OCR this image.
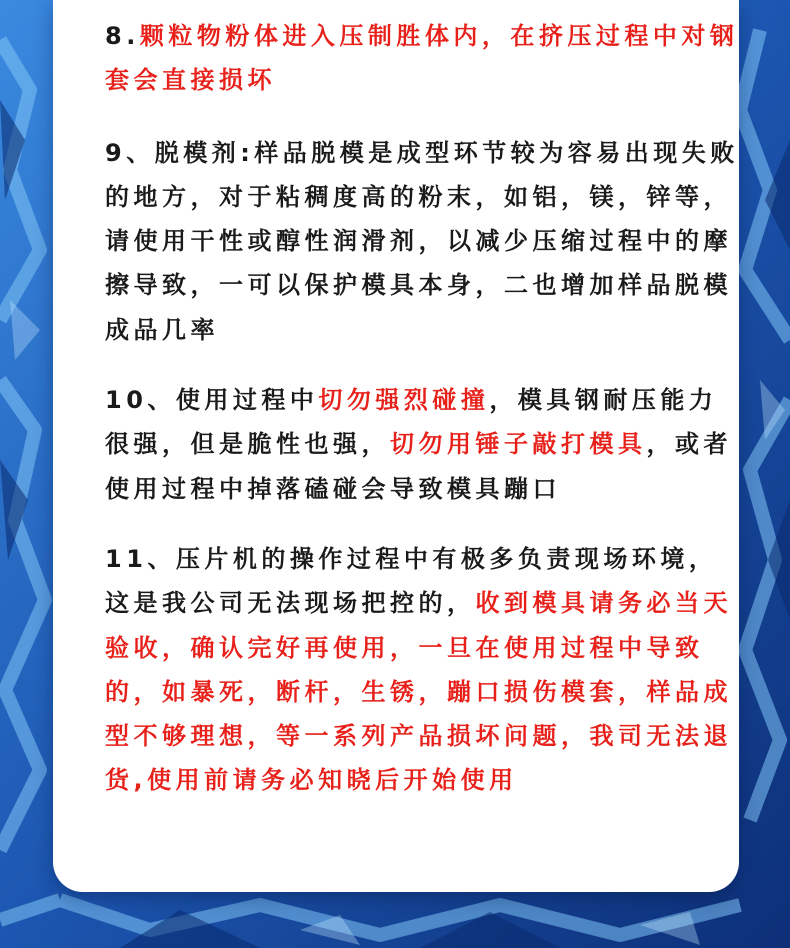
8.颗粒物粉体进入压制胜体内，在挤压过程中对钢套会直接损坏

9、脱模剂:样品脱模是成型环节较为容易出现失败的地方，对于粘稠度高的粉末，如铝，镁，锌等，请使用干性或醇性润滑剂，以减少压缩过程中的摩擦导致，一可以保护模具本身，二也增加样品脱模成品几率

10、使用过程中切勿强烈碰撞，模具钢耐压能力很强，但是脆性也强，切勿用锤子敲打模具，或者使用过程中掉落磕碰会导致模具蹦口

11、压片机的操作过程中有极多负责现场环境，这是我公司无法现场把控的，收到模具请务必当天验收，确认完好再使用，一旦在使用过程中导致的，如暴死，断杆，生锈，蹦口损伤模套，样品成型不够理想，等一系列产品损坏问题，我司无法退货,使用前请务必知晓后开始使用
